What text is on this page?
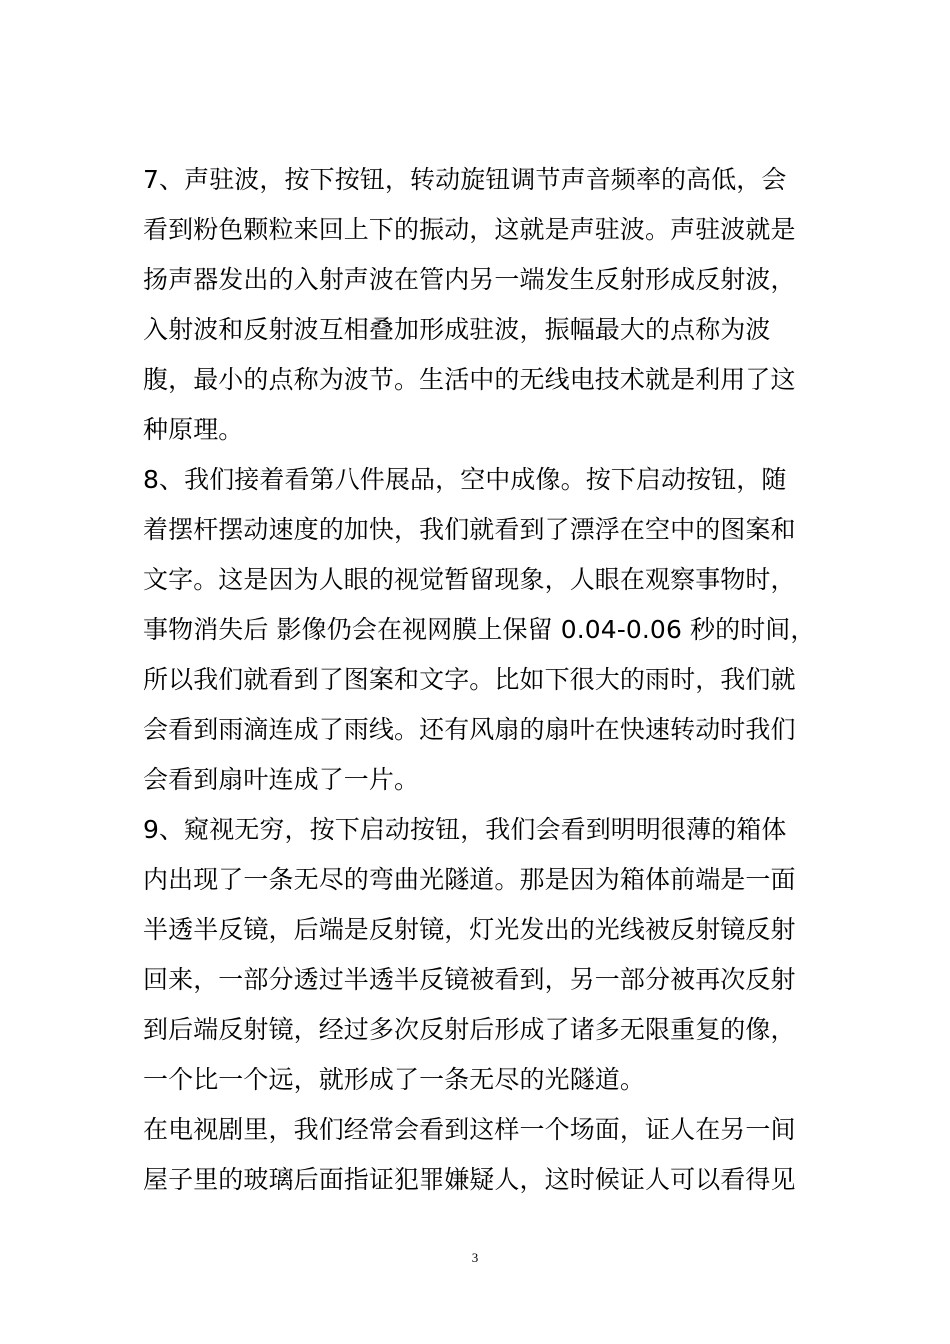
7、声驻波，按下按钮，转动旋钮调节声音频率的高低，会
看到粉色颗粒来回上下的振动，这就是声驻波。声驻波就是
扬声器发出的入射声波在管内另一端发生反射形成反射波，
入射波和反射波互相叠加形成驻波，振幅最大的点称为波
腹，最小的点称为波节。生活中的无线电技术就是利用了这
种原理。
8、我们接着看第八件展品，空中成像。按下启动按钮，随
着摆杆摆动速度的加快，我们就看到了漂浮在空中的图案和
文字。这是因为人眼的视觉暂留现象，人眼在观察事物时，
事物消失后 影像仍会在视网膜上保留 0.04-0.06 秒的时间，
所以我们就看到了图案和文字。比如下很大的雨时，我们就
会看到雨滴连成了雨线。还有风扇的扇叶在快速转动时我们
会看到扇叶连成了一片。
9、窥视无穷，按下启动按钮，我们会看到明明很薄的箱体
内出现了一条无尽的弯曲光隧道。那是因为箱体前端是一面
半透半反镜，后端是反射镜，灯光发出的光线被反射镜反射
回来，一部分透过半透半反镜被看到，另一部分被再次反射
到后端反射镜，经过多次反射后形成了诸多无限重复的像，
一个比一个远，就形成了一条无尽的光隧道。
在电视剧里，我们经常会看到这样一个场面，证人在另一间
屋子里的玻璃后面指证犯罪嫌疑人，这时候证人可以看得见
3
